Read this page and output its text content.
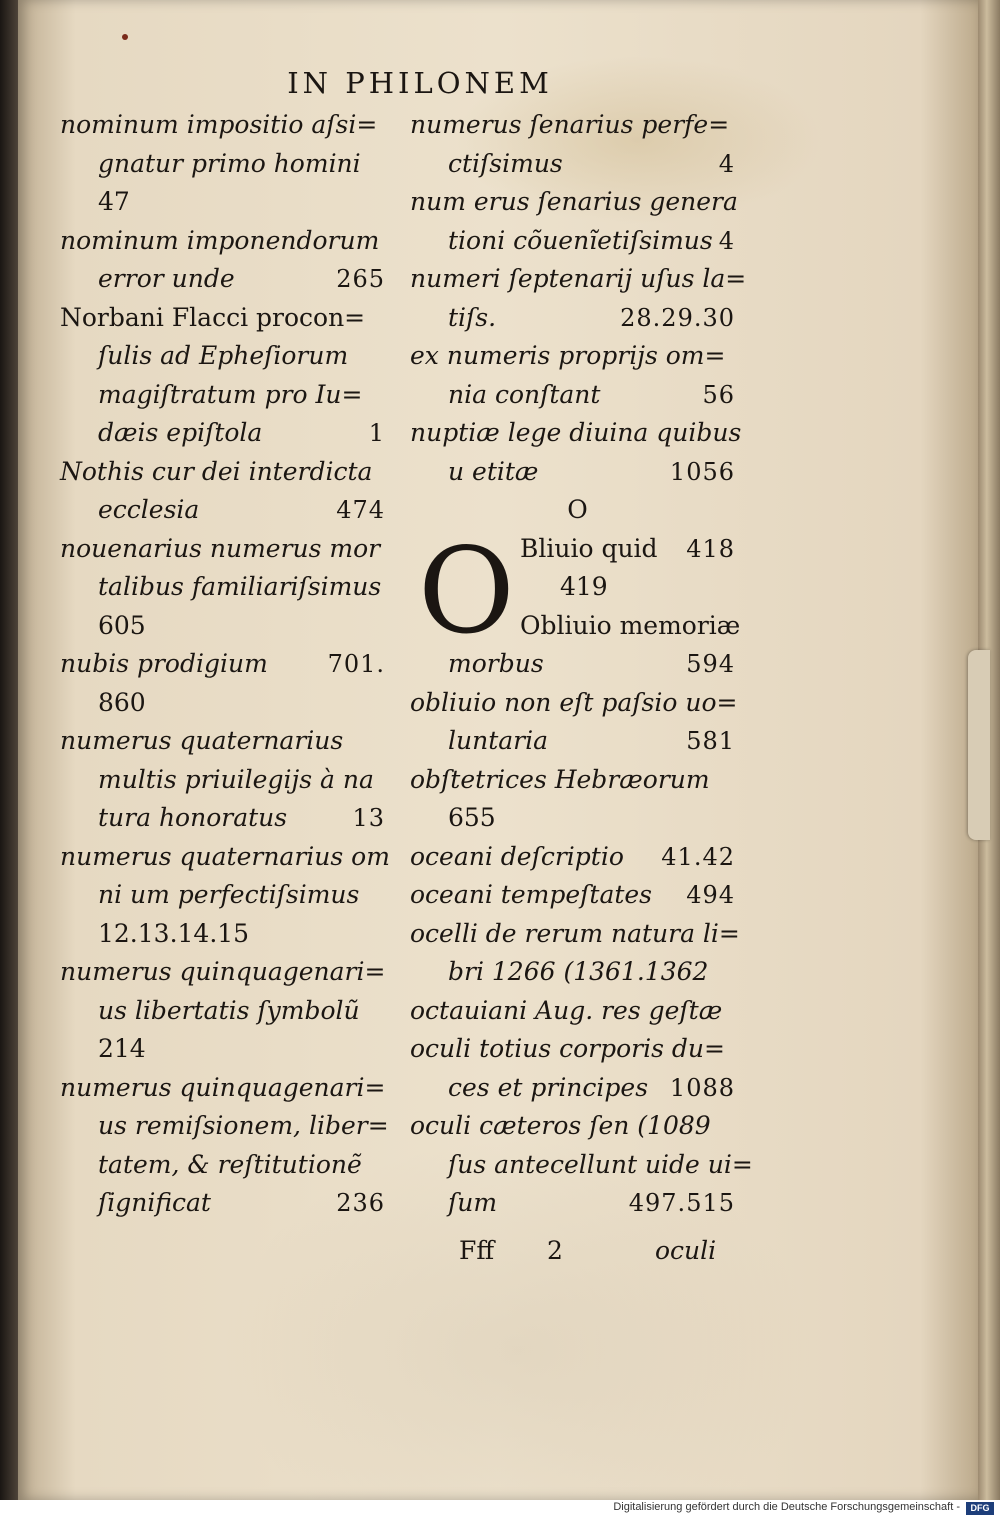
IN PHILONEM
nominum impositio aſsi=
gnatur primo homini
47
nominum imponendorum
error unde	265
Norbani Flacci procon=
ſulis ad Epheſiorum
magiſtratum pro Iu=
dæis epiſtola	1
Nothis cur dei interdicta
ecclesia	474
nouenarius numerus mor
talibus familiariſsimus
605
nubis prodigium 701.
860
numerus quaternarius
multis priuilegijs à na
tura honoratus	13
numerus quaternarius om
ni um perfectiſsimus
12.13.14.15
numerus quinquagenari=
us libertatis ſymbolũ
214
numerus quinquagenari=
us remiſsionem, liber=
tatem, & reſtitutionẽ
ſignificat	236
numerus ſenarius perfe=
ctiſsimus	4
num erus ſenarius genera
tioni cõuenĩetiſsimus 4
numeri ſeptenarij uſus la=
tiſs.	28.29.30
ex numeris proprijs om=
nia conſtant	56
nuptiæ lege diuina quibus
u etitæ	1056
O
Bliuio quid 418
419
Obliuio memoriæ
morbus	594
obliuio non eſt paſsio uo=
luntaria	581
obſtetrices Hebræorum
655
oceani deſcriptio 41.42
oceani tempeſtates 494
ocelli de rerum natura li=
bri 1266 (1361.1362
octauiani Aug. res geſtæ
oculi totius corporis du=
ces et principes 1088
oculi cæteros ſen (1089
ſus antecellunt uide ui=
ſum	497.515
O
Fff 2	oculi
Digitalisierung gefördert durch die Deutsche Forschungsgemeinschaft -	DFG
